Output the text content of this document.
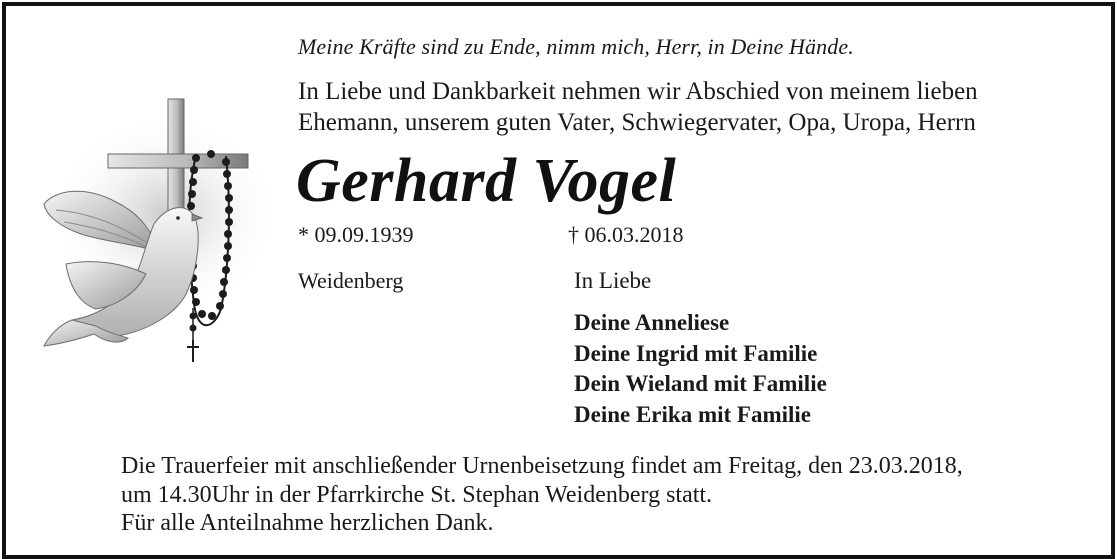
Meine Kräfte sind zu Ende, nimm mich, Herr, in Deine Hände.
In Liebe und Dankbarkeit nehmen wir Abschied von meinem lieben
Ehemann, unserem guten Vater, Schwiegervater, Opa, Uropa, Herrn
Gerhard Vogel
* 09.09.1939	† 06.03.2018
Weidenberg	In Liebe
Deine Anneliese
Deine Ingrid mit Familie
Dein Wieland mit Familie
Deine Erika mit Familie
Die Trauerfeier mit anschließender Urnenbeisetzung findet am Freitag, den 23.03.2018,
um 14.30Uhr in der Pfarrkirche St. Stephan Weidenberg statt.
Für alle Anteilnahme herzlichen Dank.
